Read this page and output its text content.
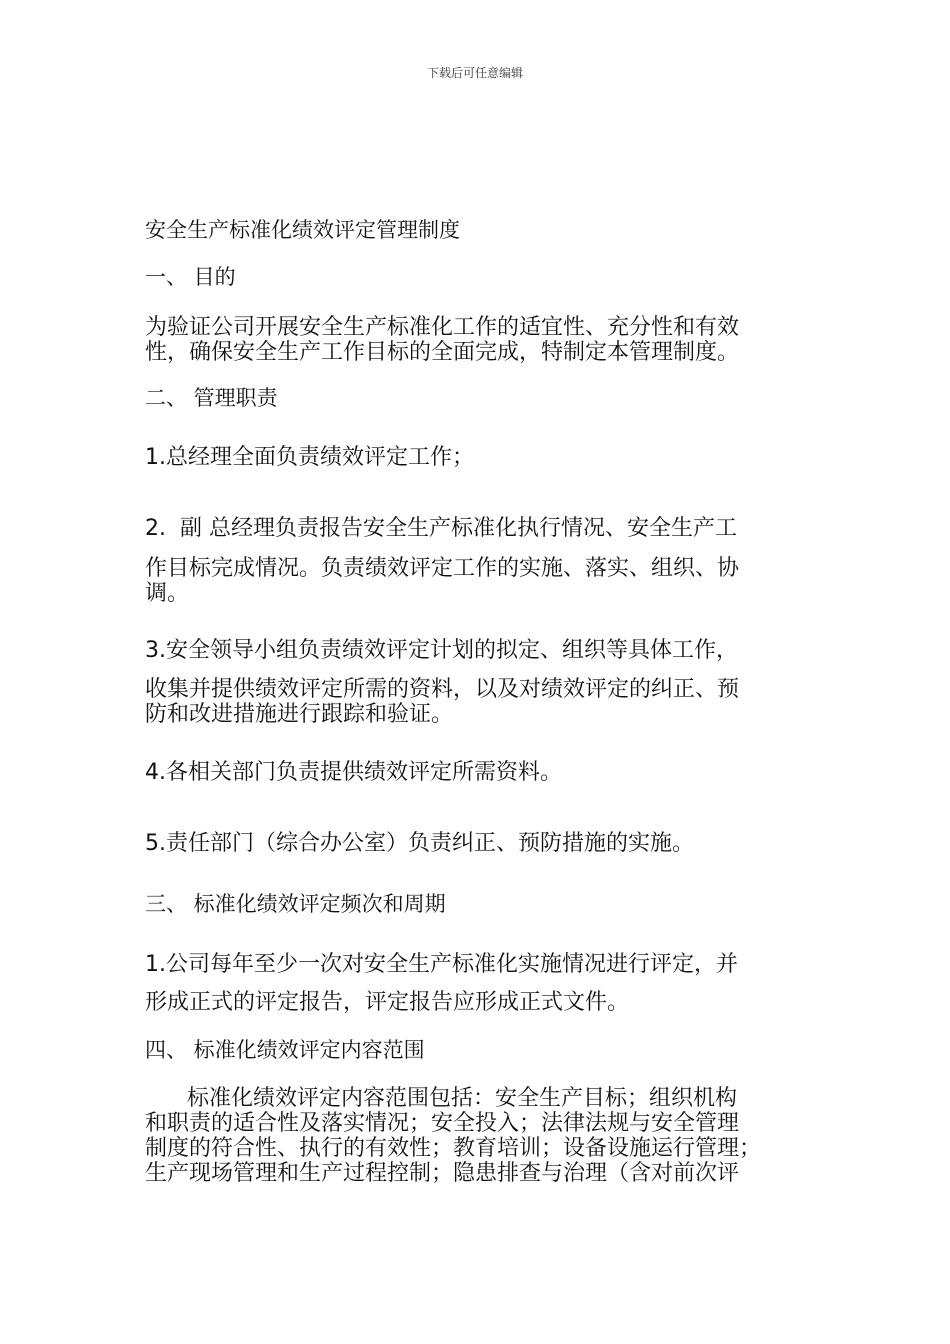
下载后可任意编辑
安全生产标准化绩效评定管理制度
一、 目的
为验证公司开展安全生产标准化工作的适宜性、充分性和有效
性，确保安全生产工作目标的全面完成，特制定本管理制度。
二、 管理职责
1.总经理全面负责绩效评定工作；
2. 副 总经理负责报告安全生产标准化执行情况、安全生产工
作目标完成情况。负责绩效评定工作的实施、落实、组织、协
调。
3.安全领导小组负责绩效评定计划的拟定、组织等具体工作，
收集并提供绩效评定所需的资料，以及对绩效评定的纠正、预
防和改进措施进行跟踪和验证。
4.各相关部门负责提供绩效评定所需资料。
5.责任部门（综合办公室）负责纠正、预防措施的实施。
三、 标准化绩效评定频次和周期
1.公司每年至少一次对安全生产标准化实施情况进行评定，并
形成正式的评定报告，评定报告应形成正式文件。
四、 标准化绩效评定内容范围
标准化绩效评定内容范围包括：安全生产目标；组织机构
和职责的适合性及落实情况；安全投入；法律法规与安全管理
制度的符合性、执行的有效性；教育培训；设备设施运行管理；
生产现场管理和生产过程控制；隐患排查与治理（含对前次评
